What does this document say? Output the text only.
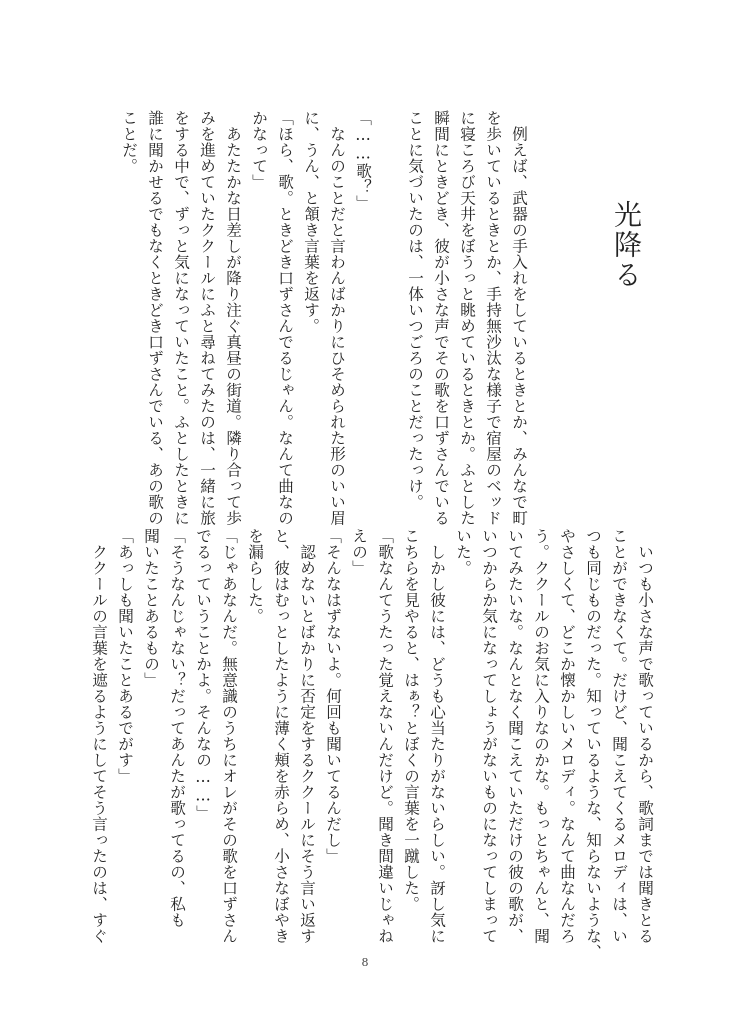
光降る
　例えば、武器の手入れをしているときとか、みんなで町
を歩いているときとか、手持無沙汰な様子で宿屋のベッド
に寝ころび天井をぼうっと眺めているときとか。ふとした
瞬間にときどき、彼が小さな声でその歌を口ずさんでいる
ことに気づいたのは、一体いつごろのことだったっけ。

「……歌？」
　なんのことだと言わんばかりにひそめられた形のいい眉
に、うん、と頷き言葉を返す。
「ほら、歌。ときどき口ずさんでるじゃん。なんて曲なの
かなって」
　あたたかな日差しが降り注ぐ真昼の街道。隣り合って歩
みを進めていたククールにふと尋ねてみたのは、一緒に旅
をする中で、ずっと気になっていたこと。ふとしたときに
誰に聞かせるでもなくときどき口ずさんでいる、あの歌の
ことだ。
　いつも小さな声で歌っているから、歌詞までは聞きとる
ことができなくて。だけど、聞こえてくるメロディは、い
つも同じものだった。知っているような、知らないような、
やさしくて、どこか懐かしいメロディ。なんて曲なんだろ
う。ククールのお気に入りなのかな。もっとちゃんと、聞
いてみたいな。なんとなく聞こえていただけの彼の歌が、
いつからか気になってしょうがないものになってしまって
いた。
　しかし彼には、どうも心当たりがないらしい。訝し気に
こちらを見やると、はぁ？とぼくの言葉を一蹴した。
「歌なんてうたった覚えないんだけど。聞き間違いじゃね
えの」
「そんなはずないよ。何回も聞いてるんだし」
　認めないとばかりに否定をするククールにそう言い返す
と、彼はむっとしたように薄く頬を赤らめ、小さなぼやき
を漏らした。
「じゃあなんだ。無意識のうちにオレがその歌を口ずさん
でるっていうことかよ。そんなの……」
「そうなんじゃない？だってあんたが歌ってるの、私も
聞いたことあるもの」
「あっしも聞いたことあるでがす」
　ククールの言葉を遮るようにしてそう言ったのは、すぐ
8
